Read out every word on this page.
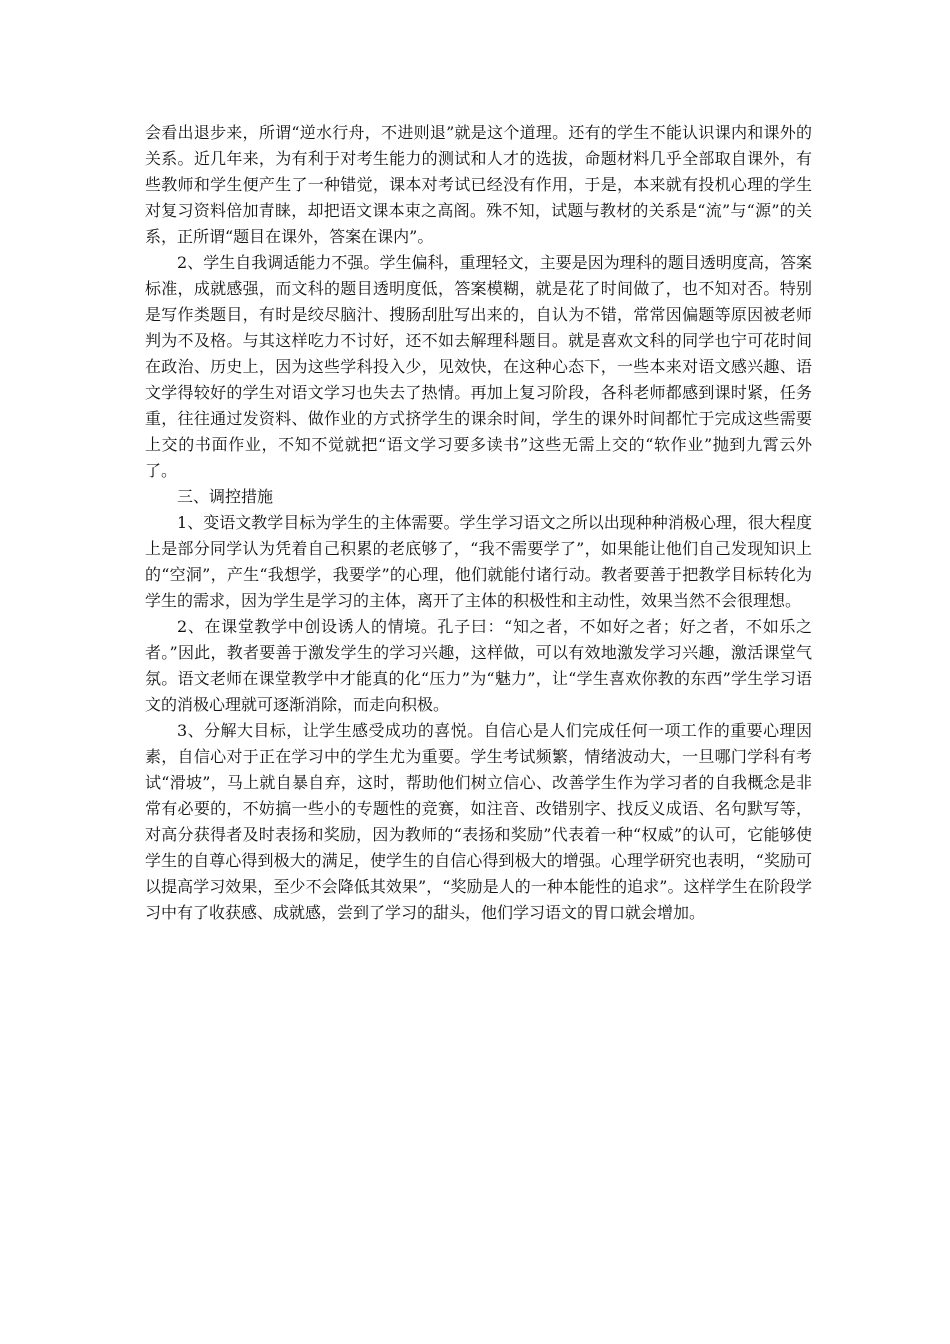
会看出退步来，所谓“逆水行舟，不进则退”就是这个道理。还有的学生不能认识课内和课外的关系。近几年来，为有利于对考生能力的测试和人才的选拔，命题材料几乎全部取自课外，有些教师和学生便产生了一种错觉，课本对考试已经没有作用，于是，本来就有投机心理的学生对复习资料倍加青睐，却把语文课本束之高阁。殊不知，试题与教材的关系是“流”与“源”的关系，正所谓“题目在课外，答案在课内”。

2、学生自我调适能力不强。学生偏科，重理轻文，主要是因为理科的题目透明度高，答案标准，成就感强，而文科的题目透明度低，答案模糊，就是花了时间做了，也不知对否。特别是写作类题目，有时是绞尽脑汁、搜肠刮肚写出来的，自认为不错，常常因偏题等原因被老师判为不及格。与其这样吃力不讨好，还不如去解理科题目。就是喜欢文科的同学也宁可花时间在政治、历史上，因为这些学科投入少，见效快，在这种心态下，一些本来对语文感兴趣、语文学得较好的学生对语文学习也失去了热情。再加上复习阶段，各科老师都感到课时紧，任务重，往往通过发资料、做作业的方式挤学生的课余时间，学生的课外时间都忙于完成这些需要上交的书面作业，不知不觉就把“语文学习要多读书”这些无需上交的“软作业”抛到九霄云外了。

三、调控措施

1、变语文教学目标为学生的主体需要。学生学习语文之所以出现种种消极心理，很大程度上是部分同学认为凭着自己积累的老底够了，“我不需要学了”，如果能让他们自己发现知识上的“空洞”，产生“我想学，我要学”的心理，他们就能付诸行动。教者要善于把教学目标转化为学生的需求，因为学生是学习的主体，离开了主体的积极性和主动性，效果当然不会很理想。

2、在课堂教学中创设诱人的情境。孔子曰：“知之者，不如好之者；好之者，不如乐之者。”因此，教者要善于激发学生的学习兴趣，这样做，可以有效地激发学习兴趣，激活课堂气氛。语文老师在课堂教学中才能真的化“压力”为“魅力”，让“学生喜欢你教的东西”学生学习语文的消极心理就可逐渐消除，而走向积极。

3、分解大目标，让学生感受成功的喜悦。自信心是人们完成任何一项工作的重要心理因素，自信心对于正在学习中的学生尤为重要。学生考试频繁，情绪波动大，一旦哪门学科有考试“滑坡”，马上就自暴自弃，这时，帮助他们树立信心、改善学生作为学习者的自我概念是非常有必要的，不妨搞一些小的专题性的竞赛，如注音、改错别字、找反义成语、名句默写等，对高分获得者及时表扬和奖励，因为教师的“表扬和奖励”代表着一种“权威”的认可，它能够使学生的自尊心得到极大的满足，使学生的自信心得到极大的增强。心理学研究也表明，“奖励可以提高学习效果，至少不会降低其效果”，“奖励是人的一种本能性的追求”。这样学生在阶段学习中有了收获感、成就感，尝到了学习的甜头，他们学习语文的胃口就会增加。
